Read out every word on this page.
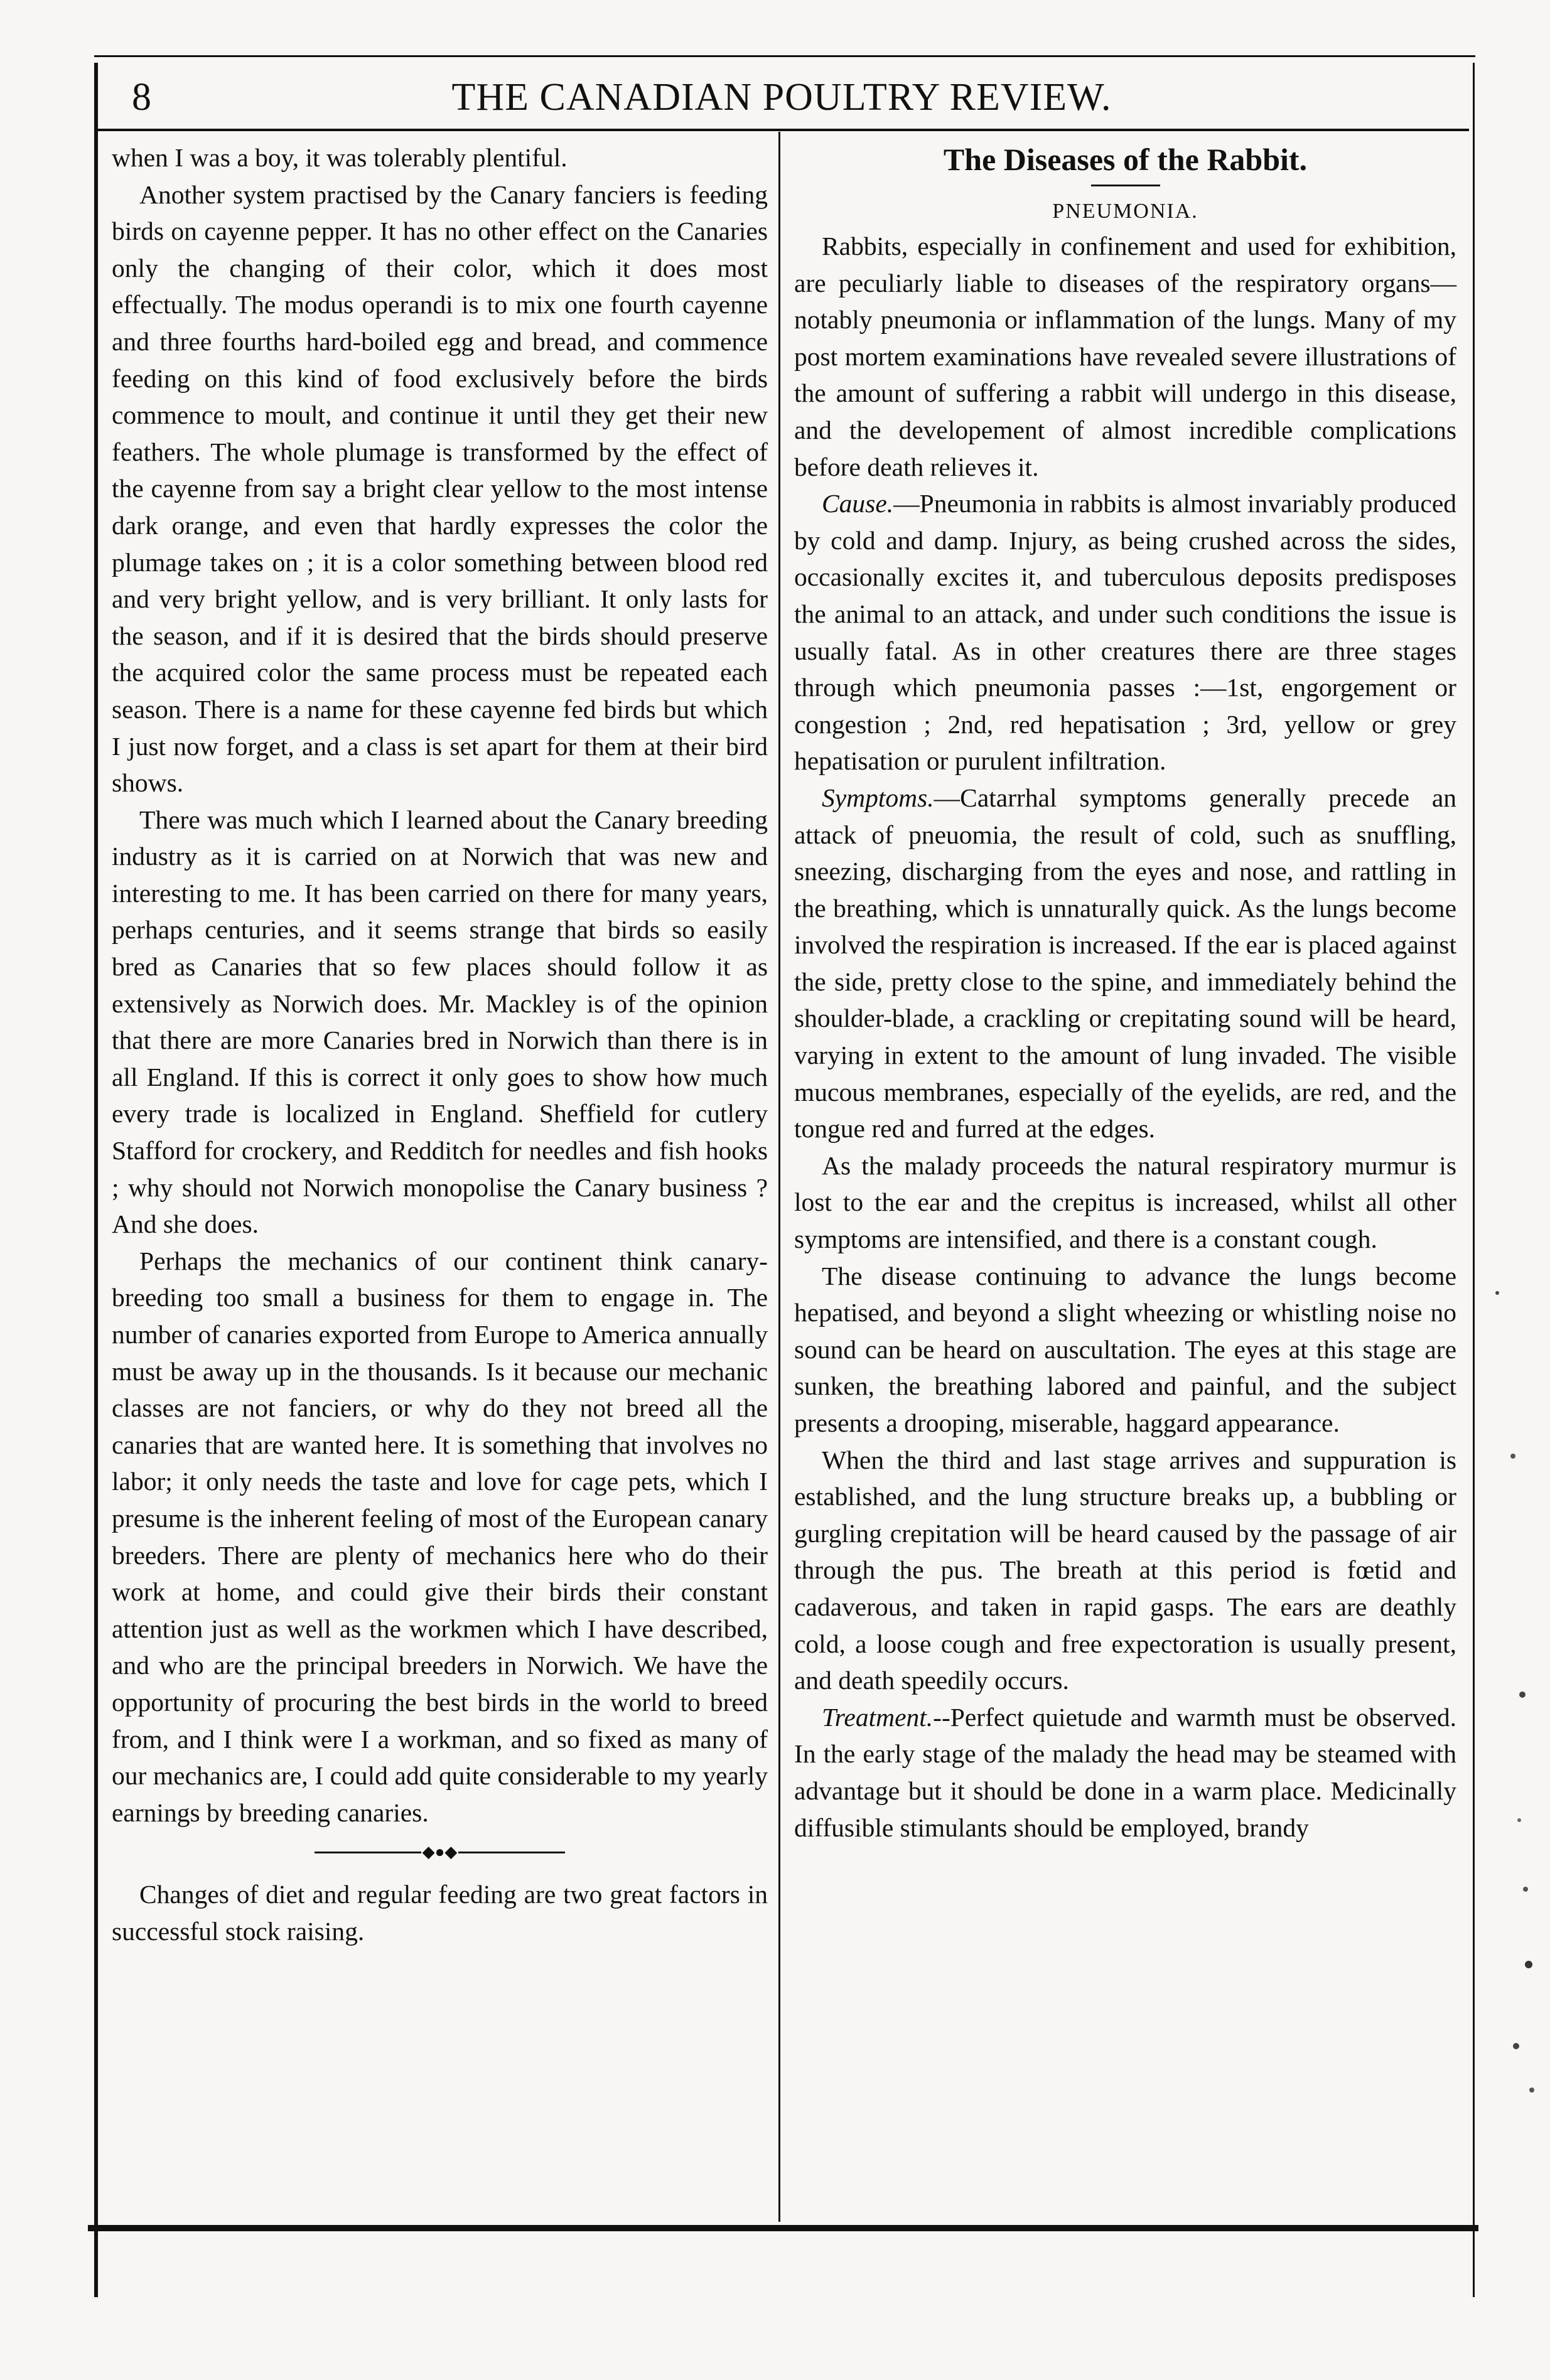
8	THE CANADIAN POULTRY REVIEW.

when I was a boy, it was tolerably plentiful.

Another system practised by the Canary fanciers is feeding birds on cayenne pepper. It has no other effect on the Canaries only the changing of their color, which it does most effectually. The modus operandi is to mix one fourth cayenne and three fourths hard-boiled egg and bread, and commence feeding on this kind of food exclusively before the birds commence to moult, and continue it until they get their new feathers. The whole plumage is transformed by the effect of the cayenne from say a bright clear yellow to the most intense dark orange, and even that hardly expresses the color the plumage takes on ; it is a color something between blood red and very bright yellow, and is very brilliant. It only lasts for the season, and if it is desired that the birds should preserve the acquired color the same process must be repeated each season. There is a name for these cayenne fed birds but which I just now forget, and a class is set apart for them at their bird shows.

There was much which I learned about the Canary breeding industry as it is carried on at Norwich that was new and interesting to me. It has been carried on there for many years, perhaps centuries, and it seems strange that birds so easily bred as Canaries that so few places should follow it as extensively as Norwich does. Mr. Mackley is of the opinion that there are more Canaries bred in Norwich than there is in all England. If this is correct it only goes to show how much every trade is localized in England. Sheffield for cutlery Stafford for crockery, and Redditch for needles and fish hooks ; why should not Norwich monopolise the Canary business ? And she does.

Perhaps the mechanics of our continent think canary-breeding too small a business for them to engage in. The number of canaries exported from Europe to America annually must be away up in the thousands. Is it because our mechanic classes are not fanciers, or why do they not breed all the canaries that are wanted here. It is something that involves no labor; it only needs the taste and love for cage pets, which I presume is the inherent feeling of most of the European canary breeders. There are plenty of mechanics here who do their work at home, and could give their birds their constant attention just as well as the workmen which I have described, and who are the principal breeders in Norwich. We have the opportunity of procuring the best birds in the world to breed from, and I think were I a workman, and so fixed as many of our mechanics are, I could add quite considerable to my yearly earnings by breeding canaries.

◆●◆

Changes of diet and regular feeding are two great factors in successful stock raising.

The Diseases of the Rabbit.
PNEUMONIA.

Rabbits, especially in confinement and used for exhibition, are peculiarly liable to diseases of the respiratory organs—notably pneumonia or inflammation of the lungs. Many of my post mortem examinations have revealed severe illustrations of the amount of suffering a rabbit will undergo in this disease, and the developement of almost incredible complications before death relieves it.

Cause.—Pneumonia in rabbits is almost invariably produced by cold and damp. Injury, as being crushed across the sides, occasionally excites it, and tuberculous deposits predisposes the animal to an attack, and under such conditions the issue is usually fatal. As in other creatures there are three stages through which pneumonia passes :—1st, engorgement or congestion ; 2nd, red hepatisation ; 3rd, yellow or grey hepatisation or purulent infiltration.

Symptoms.—Catarrhal symptoms generally precede an attack of pneuomia, the result of cold, such as snuffling, sneezing, discharging from the eyes and nose, and rattling in the breathing, which is unnaturally quick. As the lungs become involved the respiration is increased. If the ear is placed against the side, pretty close to the spine, and immediately behind the shoulder-blade, a crackling or crepitating sound will be heard, varying in extent to the amount of lung invaded. The visible mucous membranes, especially of the eyelids, are red, and the tongue red and furred at the edges.

As the malady proceeds the natural respiratory murmur is lost to the ear and the crepitus is increased, whilst all other symptoms are intensified, and there is a constant cough.

The disease continuing to advance the lungs become hepatised, and beyond a slight wheezing or whistling noise no sound can be heard on auscultation. The eyes at this stage are sunken, the breathing labored and painful, and the subject presents a drooping, miserable, haggard appearance.

When the third and last stage arrives and suppuration is established, and the lung structure breaks up, a bubbling or gurgling crepitation will be heard caused by the passage of air through the pus. The breath at this period is fœtid and cadaverous, and taken in rapid gasps. The ears are deathly cold, a loose cough and free expectoration is usually present, and death speedily occurs.

Treatment.--Perfect quietude and warmth must be observed. In the early stage of the malady the head may be steamed with advantage but it should be done in a warm place. Medicinally diffusible stimulants should be employed, brandy
